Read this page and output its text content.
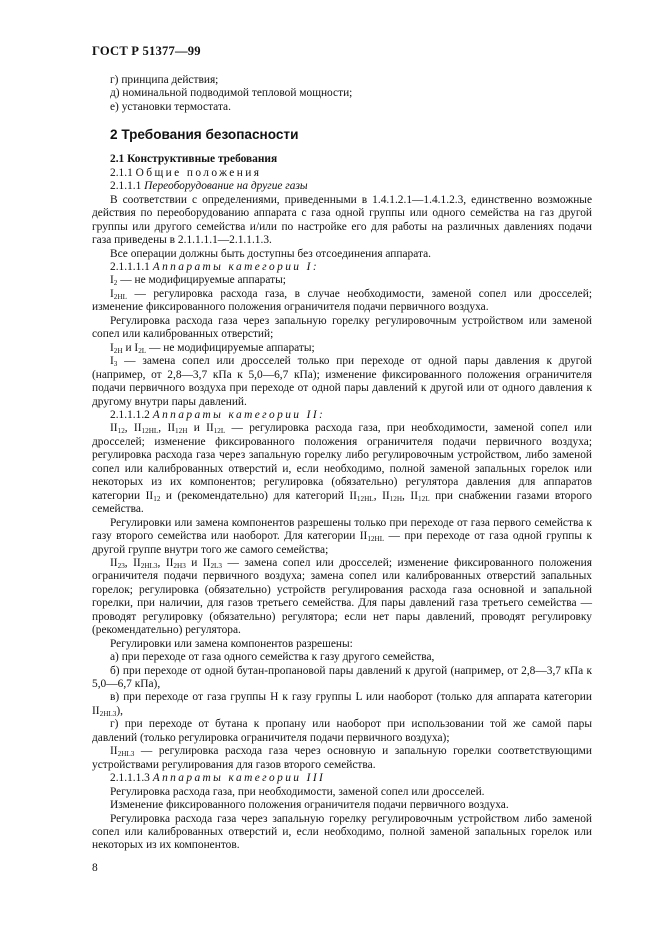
ГОСТ Р 51377—99

г) принципа действия;

д) номинальной подводимой тепловой мощности;

е) установки термостата.

2 Требования безопасности

2.1 Конструктивные требования

2.1.1 Общие положения

2.1.1.1 Переоборудование на другие газы

В соответствии с определениями, приведенными в 1.4.1.2.1—1.4.1.2.3, единственно возможные действия по переоборудованию аппарата с газа одной группы или одного семейства на газ другой группы или другого семейства и/или по настройке его для работы на различных давлениях подачи газа приведены в 2.1.1.1.1—2.1.1.1.3.

Все операции должны быть доступны без отсоединения аппарата.

2.1.1.1.1 Аппараты категории I:

$I_2$ — не модифицируемые аппараты;

$I_{2HL}$ — регулировка расхода газа, в случае необходимости, заменой сопел или дросселей; изменение фиксированного положения ограничителя подачи первичного воздуха.

Регулировка расхода газа через запальную горелку регулировочным устройством или заменой сопел или калиброванных отверстий;

$I_{2H}$ и $I_{2L}$ — не модифицируемые аппараты;

$I_3$ — замена сопел или дросселей только при переходе от одной пары давления к другой (например, от 2,8—3,7 кПа к 5,0—6,7 кПа); изменение фиксированного положения ограничителя подачи первичного воздуха при переходе от одной пары давлений к другой или от одного давления к другому внутри пары давлений.

2.1.1.1.2 Аппараты категории II:

$II_{12}$, $II_{12HL}$, $II_{12H}$ и $II_{12L}$ — регулировка расхода газа, при необходимости, заменой сопел или дросселей; изменение фиксированного положения ограничителя подачи первичного воздуха; регулировка расхода газа через запальную горелку либо регулировочным устройством, либо заменой сопел или калиброванных отверстий и, если необходимо, полной заменой запальных горелок или некоторых из их компонентов; регулировка (обязательно) регулятора давления для аппаратов категории $II_{12}$ и (рекомендательно) для категорий $II_{12HL}$, $II_{12H}$, $II_{12L}$ при снабжении газами второго семейства.

Регулировки или замена компонентов разрешены только при переходе от газа первого семейства к газу второго семейства или наоборот. Для категории $II_{12HL}$ — при переходе от газа одной группы к другой группе внутри того же самого семейства;

$II_{23}$, $II_{2HL3}$, $II_{2H3}$ и $II_{2L3}$ — замена сопел или дросселей; изменение фиксированного положения ограничителя подачи первичного воздуха; замена сопел или калиброванных отверстий запальных горелок; регулировка (обязательно) устройств регулирования расхода газа основной и запальной горелки, при наличии, для газов третьего семейства. Для пары давлений газа третьего семейства — проводят регулировку (обязательно) регулятора; если нет пары давлений, проводят регулировку (рекомендательно) регулятора.

Регулировки или замена компонентов разрешены:

а) при переходе от газа одного семейства к газу другого семейства,

б) при переходе от одной бутан-пропановой пары давлений к другой (например, от 2,8—3,7 кПа к 5,0—6,7 кПа),

в) при переходе от газа группы Н к газу группы L или наоборот (только для аппарата категории $II_{2HL3}$),

г) при переходе от бутана к пропану или наоборот при использовании той же самой пары давлений (только регулировка ограничителя подачи первичного воздуха);

$II_{2HL3}$ — регулировка расхода газа через основную и запальную горелки соответствующими устройствами регулирования для газов второго семейства.

2.1.1.1.3 Аппараты категории III

Регулировка расхода газа, при необходимости, заменой сопел или дросселей.

Изменение фиксированного положения ограничителя подачи первичного воздуха.

Регулировка расхода газа через запальную горелку регулировочным устройством либо заменой сопел или калиброванных отверстий и, если необходимо, полной заменой запальных горелок или некоторых из их компонентов.

8
